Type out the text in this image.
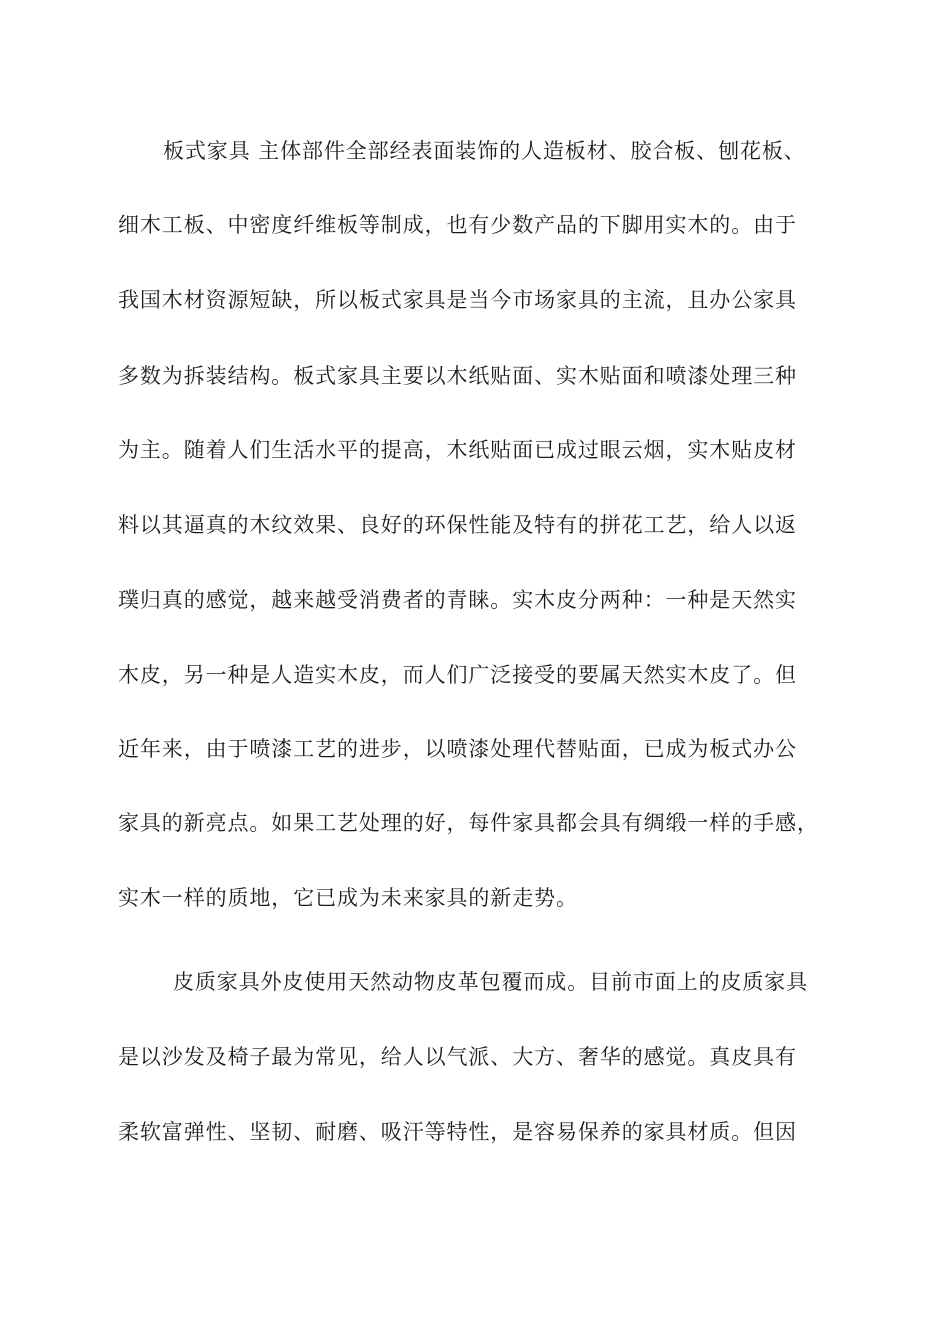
板式家具 主体部件全部经表面装饰的人造板材、胶合板、刨花板、
细木工板、中密度纤维板等制成，也有少数产品的下脚用实木的。由于
我国木材资源短缺，所以板式家具是当今市场家具的主流，且办公家具
多数为拆装结构。板式家具主要以木纸贴面、实木贴面和喷漆处理三种
为主。随着人们生活水平的提高，木纸贴面已成过眼云烟，实木贴皮材
料以其逼真的木纹效果、良好的环保性能及特有的拼花工艺，给人以返
璞归真的感觉，越来越受消费者的青睐。实木皮分两种：一种是天然实
木皮，另一种是人造实木皮，而人们广泛接受的要属天然实木皮了。但
近年来，由于喷漆工艺的进步，以喷漆处理代替贴面，已成为板式办公
家具的新亮点。如果工艺处理的好，每件家具都会具有绸缎一样的手感，
实木一样的质地，它已成为未来家具的新走势。
皮质家具外皮使用天然动物皮革包覆而成。目前市面上的皮质家具
是以沙发及椅子最为常见，给人以气派、大方、奢华的感觉。真皮具有
柔软富弹性、坚韧、耐磨、吸汗等特性，是容易保养的家具材质。但因
